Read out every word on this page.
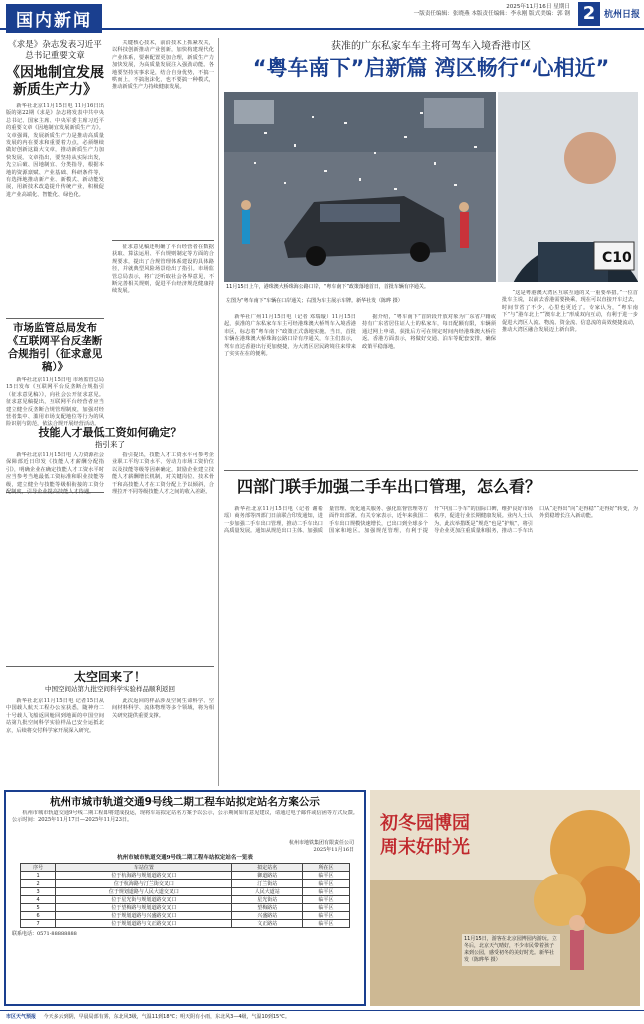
国内新闻
2025年11月16日 星期日
一版责任编辑：张晓燕 本版责任编辑：李永刚 版式美编：郭 钢 2 杭州日报
《求是》杂志发表习近平总书记重要文章
《因地制宜发展新质生产力》

新华社北京11月15日电 11月16日出版的第22期《求是》杂志将发表中共中央总书记、国家主席、中央军委主席习近平的重要文章《因地制宜发展新质生产力》。文章强调，发展新质生产力是推动高质量发展的内在要求和重要着力点，必须继续做好创新这篇大文章，推动新质生产力加快发展。文章指出，要坚持从实际出发，先立后破、因地制宜、分类指导，根据本地的资源禀赋、产业基础、科研条件等，有选择地推动新产业、新模式、新动能发展，用新技术改造提升传统产业，积极促进产业高端化、智能化、绿色化。

市场监管总局发布《互联网平台反垄断合规指引（征求意见稿）》

新华社北京11月15日电 市场监管总局15日发布《互联网平台反垄断合规指引（征求意见稿）》，向社会公开征求意见。征求意见稿提出，互联网平台经营者应当建立健全反垄断合规管理制度，加强对经营者集中、滥用市场支配地位等行为的风险识别与防范，依法合规开展经营活动。

技能人才最低工资如何确定？
指引来了

新华社北京11月15日电 人力资源社会保障部近日印发《技能人才薪酬分配指引》，明确企业在确定技能人才工资水平时应当参考当地最低工资标准和职业技能等级，建立健全与技能等级相衔接的工资分配制度，引导企业提高技能人才待遇。

太空回来了！
中国空间站第九批空间科学实验样品顺利返回

新华社北京11月15日电 记者15日从中国载人航天工程办公室获悉，随神舟二十号载人飞船返回舱回到地面的中国空间站第九批空间科学实验样品已安全运抵北京，后续将交付科学家开展深入研究。

关键核心技术，前沿技术上抓紧攻关，以科技创新推动产业创新，加快构建现代化产业体系，要素配置更加合理，新质生产力加快发展，为高质量发展注入强劲动能。各地要坚持实事求是，结合自身优势，不搞一哄而上，不搞泡沫化，也不要搞一种模式，推动新质生产力持续健康发展。

征求意见稿还明确了平台经营者在数据获取、算法运用、平台规则制定等方面的合规要求，提出了合规管理体系建设的具体路径，并就典型风险场景给出了指引。市场监管总局表示，将广泛听取社会各界意见，不断完善相关规则，促进平台经济规范健康持续发展。

指引提出，技能人才工资水平可参考企业职工平均工资水平、劳动力市场工资价位以及技能等级等因素确定，鼓励企业建立技能人才薪酬增长机制，对关键岗位、技术骨干和高技能人才在工资分配上予以倾斜，合理拉开不同等级技能人才之间的收入差距。

此次返回的样品涉及空间生命科学、空间材料科学、流体物理等多个领域，将为相关研究提供重要支撑。

获准的广东私家车车主将可驾车入境香港市区
“粤车南下”启新篇 湾区畅行“心相近”
C10
11月15日上午，港珠澳大桥珠海公路口岸，“粤车南下”政策落地首日，首批车辆有序通关。
左图为“粤车南下”车辆在口岸通关；右图为车主展示车牌。新华社发（陈晔 摄）

新华社广州11月15日电（记者 邓瑞璇）11月15日起，获准的广东私家车车主可经港珠澳大桥驾车入境香港市区，标志着“粤车南下”政策正式落地实施。当日，首批车辆在港珠澳大桥珠海公路口岸有序通关，车主们表示，驾车直达香港出行更加便捷，为大湾区居民跨境往来带来了实实在在的便利。

据介绍，“粤车南下”首阶段开放对象为广东省户籍或持有广东省居住证人士的私家车，每日配额有限，车辆须通过网上申请，获批后方可在规定时间内经港珠澳大桥往返。香港方面表示，将做好交通、泊车等配套安排，确保政策平稳落地。

“这是粤港澳大湾区互联互通的又一重要举措。”一位首批车主说，以前去香港需要换乘，现在可以直接开车过去，时间节省了不少，心里也更近了。专家认为，“粤车南下”与“港车北上”“澳车北上”形成双向互动，有利于进一步促进大湾区人流、物流、资金流、信息流的高效便捷流动，推动大湾区融合发展迈上新台阶。

四部门联手加强二手车出口管理，怎么看？

新华社北京11月15日电（记者 谢希瑶）商务部等四部门日前联合印发通知，进一步加强二手车出口管理，推动二手车出口高质量发展。通知从规范出口主体、加强质量管理、优化通关服务、强化监督管理等方面作出部署。有关专家表示，近年来我国二手车出口规模快速增长，已出口到全球多个国家和地区。加强规范管理，有利于提升“中国二手车”的国际口碑，维护良好市场秩序，促进行业长期健康发展。业内人士认为，此次举措既是“规范”也是“护航”，将引导企业更加注重质量和服务，推动二手车出口从“走得出”向“走得稳”“走得好”转变，为外贸稳增长注入新动能。

杭州市城市轨道交通9号线二期工程车站拟定站名方案公示

杭州市城市轨道交通9号线二期工程即将建成投运，现将车站拟定站名方案予以公示，公示期间如有意见建议，请通过电子邮件或信函等方式反馈。公示时间：2025年11月17日—2025年11月23日。

杭州市地铁集团有限责任公司
2025年11月16日
杭州市城市轨道交通9号线二期工程车站拟定站名一览表
序号	车站位置	拟定站名	所在区
1	位于杭海路与规划道路交叉口	御道路站	临平区
2	位于杭海路与汀兰街交叉口	汀兰街站	临平区
3	位于规划道路与人民大道交叉口	人民大道站	临平区
4	位于星光街与规划道路交叉口	星光街站	临平区
5	位于望梅路与规划道路交叉口	望梅路站	临平区
6	位于规划道路与兴盛路交叉口	兴盛路站	临平区
7	位于规划道路与文正路交叉口	文正路站	临平区
联系电话：0571-88888888
初冬园博园
周末好时光
11月15日，游客在北京园博园内游玩。立冬后，北京天气晴好，不少市民带着孩子来到公园，感受初冬的美好时光。新华社发（陈晔华 摄）
市区天气预报 今天多云到阴，早晨局部有雾，东北风3级，气温11到18℃；明天阴有小雨，东北风3—4级，气温10到15℃。
